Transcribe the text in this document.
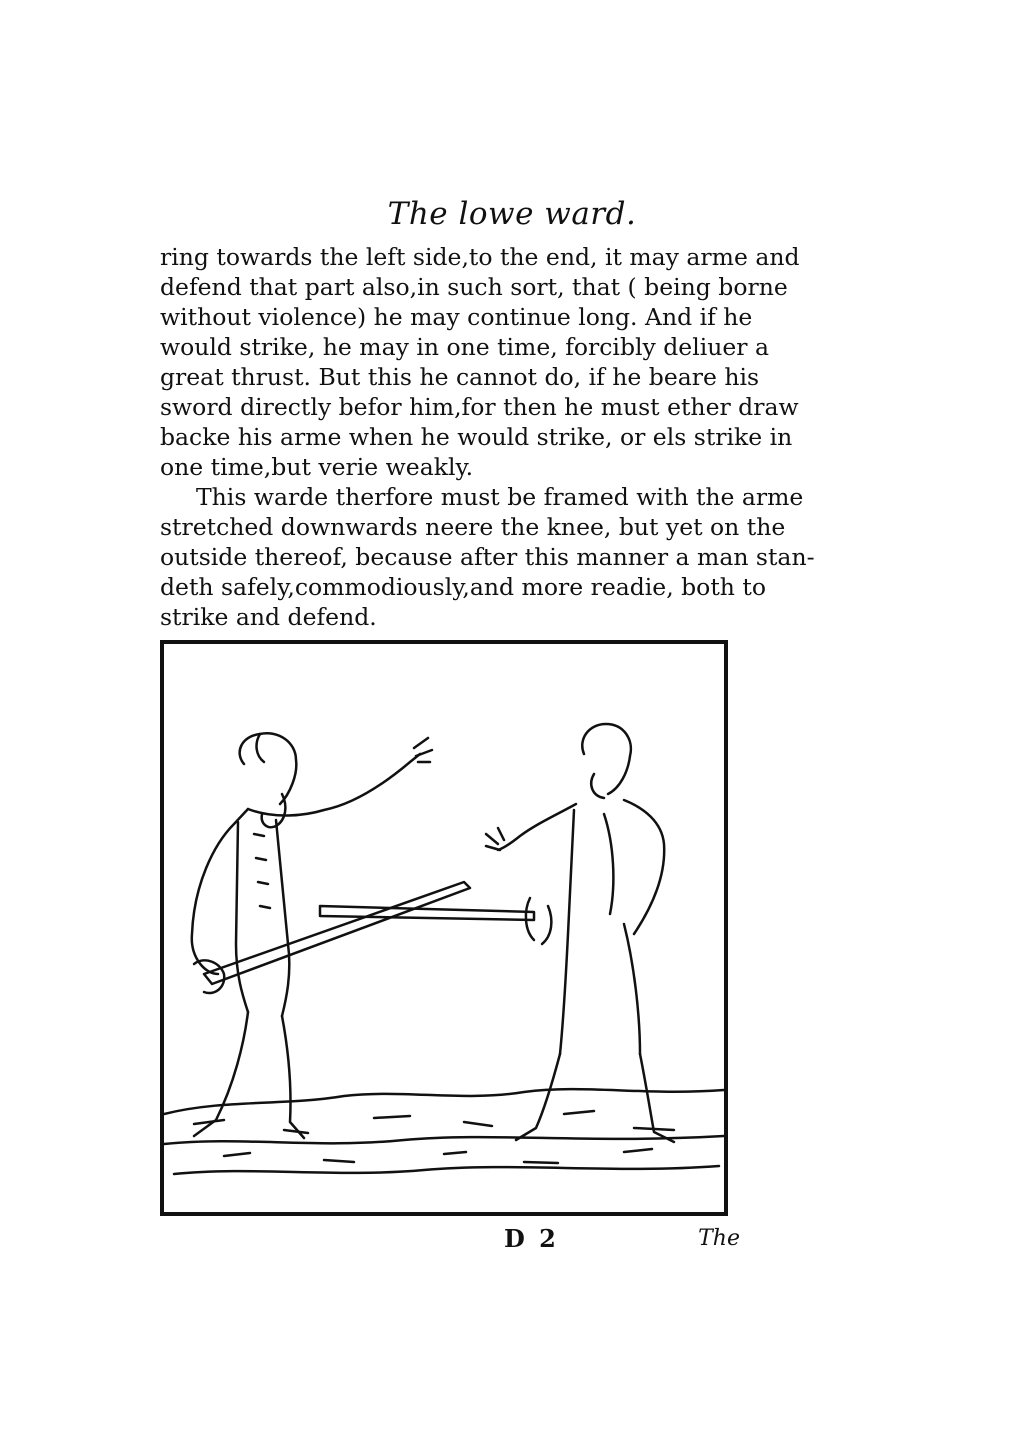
The lowe ward.
ring towards the left side,to the end, it may arme and
defend that part also,in such sort, that ( being borne
without violence) he may continue long. And if he
would strike, he may in one time, forcibly deliuer a
great thrust. But this he cannot do, if he beare his
sword directly befor him,for then he must ether draw
backe his arme when he would strike, or els strike in
one time,but verie weakly.
This warde therfore must be framed with the arme
stretched downwards neere the knee, but yet on the
outside thereof, because after this manner a man stan-
deth safely,commodiously,and more readie, both to
strike and defend.
D 2	The
